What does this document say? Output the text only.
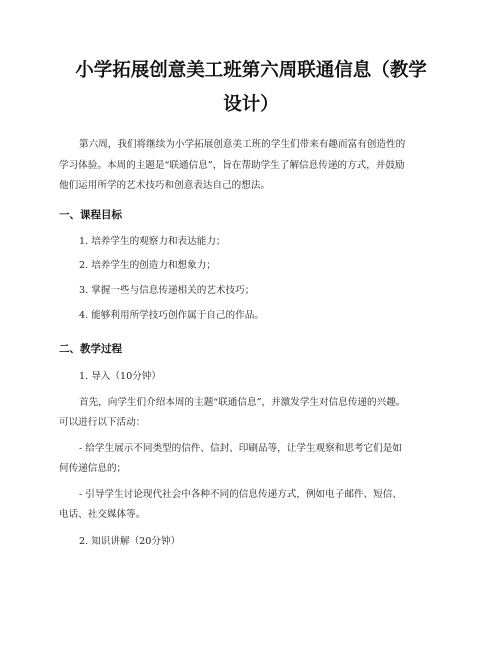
小学拓展创意美工班第六周联通信息（教学
设计）
第六周，我们将继续为小学拓展创意美工班的学生们带来有趣而富有创造性的
学习体验。本周的主题是“联通信息”，旨在帮助学生了解信息传递的方式，并鼓励
他们运用所学的艺术技巧和创意表达自己的想法。
一、课程目标
1. 培养学生的观察力和表达能力；
2. 培养学生的创造力和想象力；
3. 掌握一些与信息传递相关的艺术技巧；
4. 能够利用所学技巧创作属于自己的作品。
二、教学过程
1. 导入（10分钟）
首先，向学生们介绍本周的主题“联通信息”，并激发学生对信息传递的兴趣。
可以进行以下活动：
- 给学生展示不同类型的信件、信封、印刷品等，让学生观察和思考它们是如
何传递信息的；
- 引导学生讨论现代社会中各种不同的信息传递方式，例如电子邮件、短信、
电话、社交媒体等。
2. 知识讲解（20分钟）
